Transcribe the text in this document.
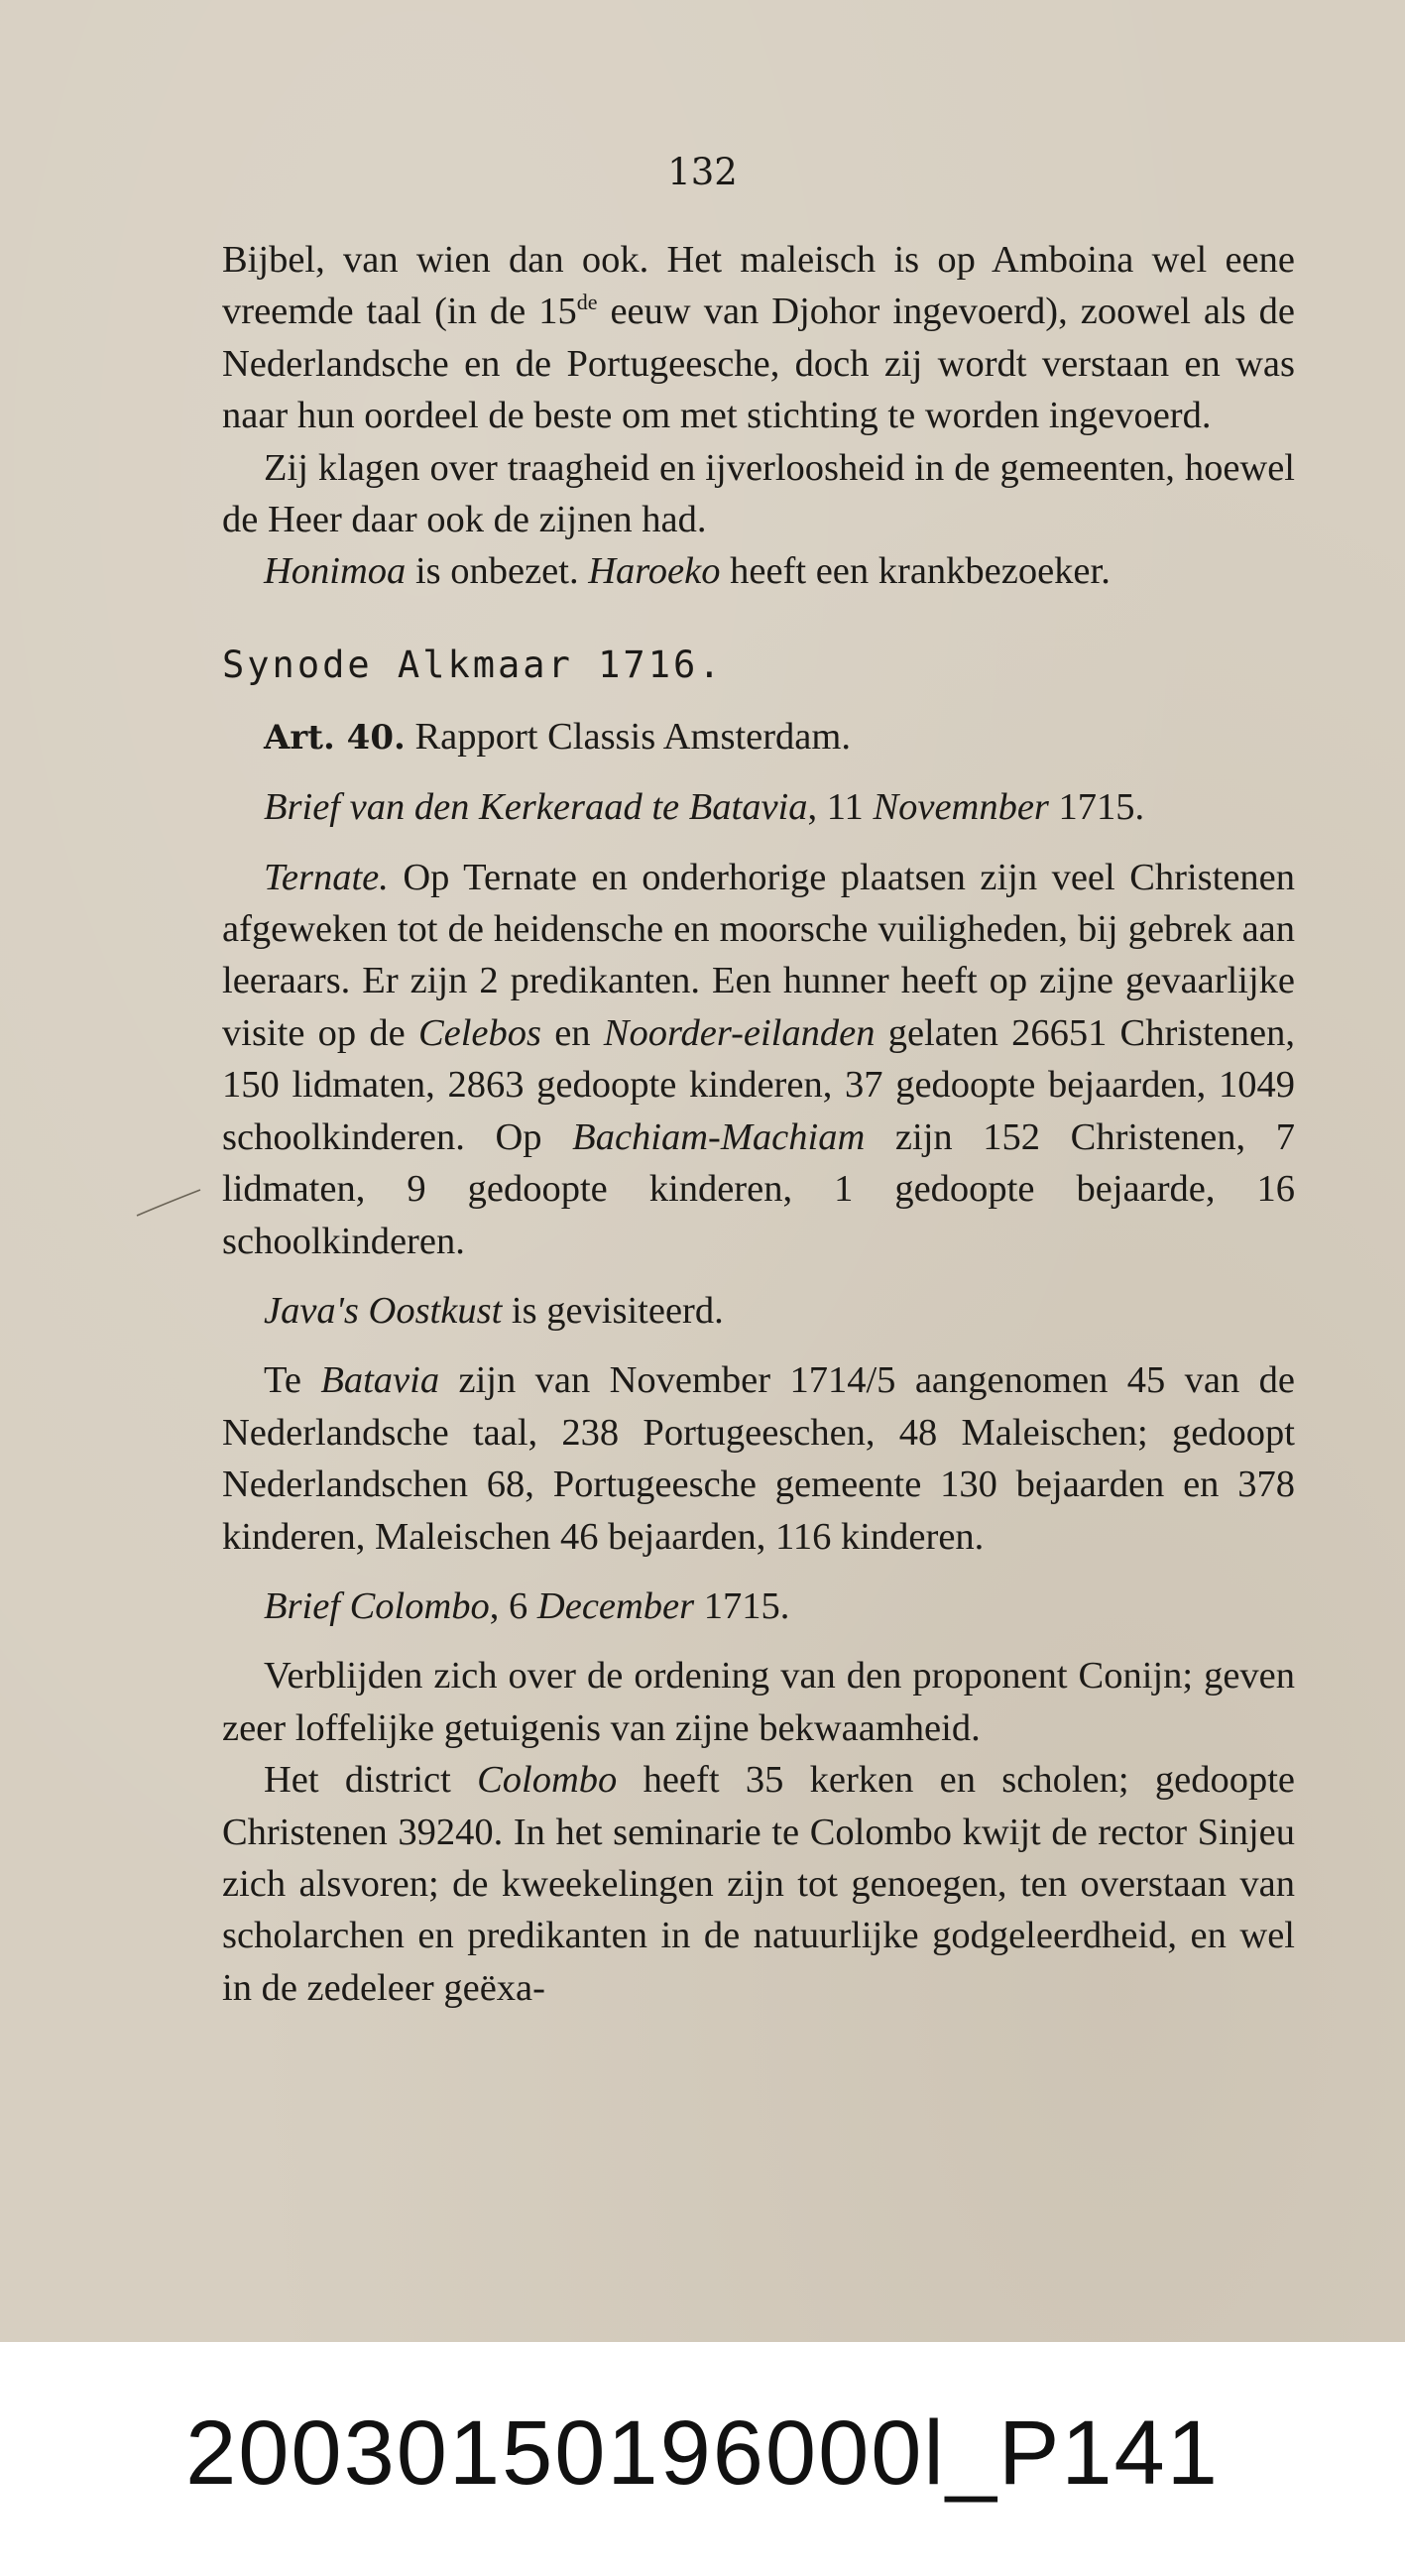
132

Bijbel, van wien dan ook. Het maleisch is op Amboina wel eene vreemde taal (in de 15de eeuw van Djohor ingevoerd), zoowel als de Nederlandsche en de Portugeesche, doch zij wordt verstaan en was naar hun oordeel de beste om met stichting te worden ingevoerd.

Zij klagen over traagheid en ijverloosheid in de gemeenten, hoewel de Heer daar ook de zijnen had.

Honimoa is onbezet. Haroeko heeft een krankbezoeker.

Synode Alkmaar 1716.

Art. 40. Rapport Classis Amsterdam.

Brief van den Kerkeraad te Batavia, 11 Novemnber 1715.

Ternate. Op Ternate en onderhorige plaatsen zijn veel Christenen afgeweken tot de heidensche en moorsche vuiligheden, bij gebrek aan leeraars. Er zijn 2 predikanten. Een hunner heeft op zijne gevaarlijke visite op de Celebos en Noorder-eilanden gelaten 26651 Christenen, 150 lidmaten, 2863 gedoopte kinderen, 37 gedoopte bejaarden, 1049 schoolkinderen. Op Bachiam-Machiam zijn 152 Christenen, 7 lidmaten, 9 gedoopte kinderen, 1 gedoopte bejaarde, 16 schoolkinderen.

Java's Oostkust is gevisiteerd.

Te Batavia zijn van November 1714/5 aangenomen 45 van de Nederlandsche taal, 238 Portugeeschen, 48 Maleischen; gedoopt Nederlandschen 68, Portugeesche gemeente 130 bejaarden en 378 kinderen, Maleischen 46 bejaarden, 116 kinderen.

Brief Colombo, 6 December 1715.

Verblijden zich over de ordening van den proponent Conijn; geven zeer loffelijke getuigenis van zijne bekwaamheid.

Het district Colombo heeft 35 kerken en scholen; gedoopte Christenen 39240. In het seminarie te Colombo kwijt de rector Sinjeu zich alsvoren; de kweekelingen zijn tot genoegen, ten overstaan van scholarchen en predikanten in de natuurlijke godgeleerdheid, en wel in de zedeleer geëxa-

20030150196000l_P141
